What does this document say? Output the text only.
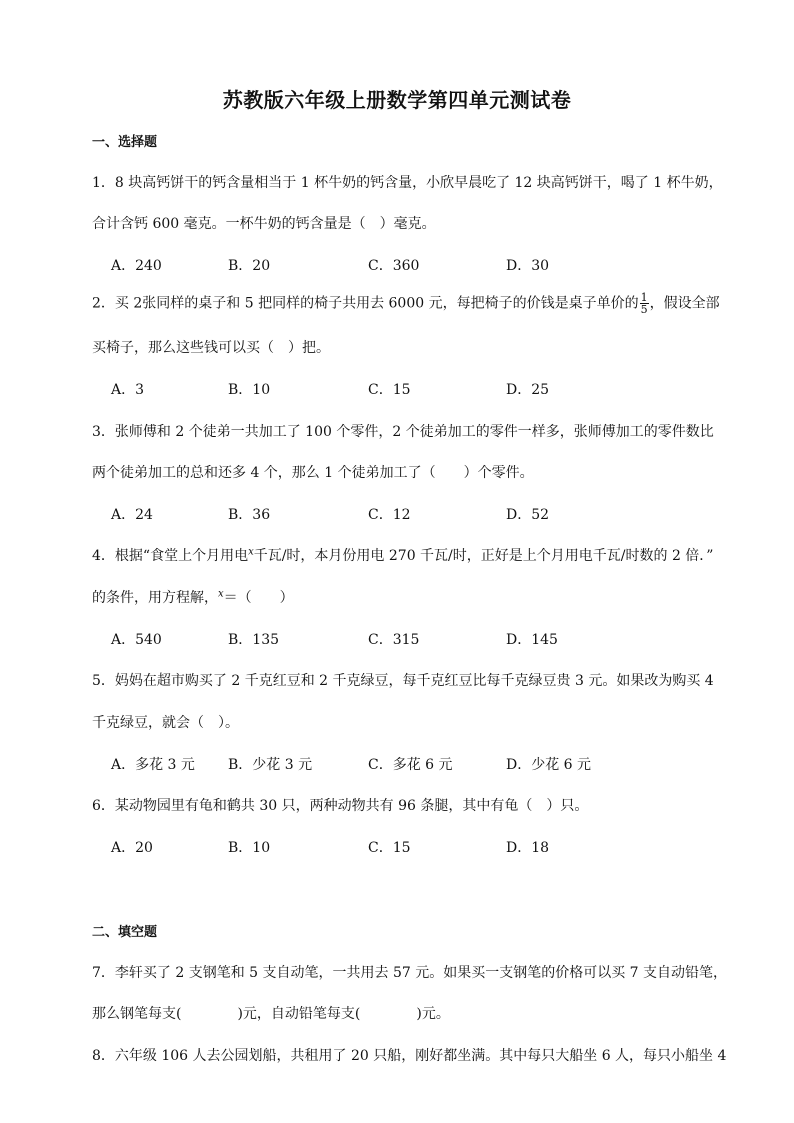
苏教版六年级上册数学第四单元测试卷
一、选择题
1．8 块高钙饼干的钙含量相当于 1 杯牛奶的钙含量，小欣早晨吃了 12 块高钙饼干，喝了 1 杯牛奶，
合计含钙 600 毫克。一杯牛奶的钙含量是（　）毫克。
A．240	B．20	C．360	D．30
2．买 2张同样的桌子和 5 把同样的椅子共用去 6000 元，每把椅子的价钱是桌子单价的 $\frac{1}{5}$ ，假设全部
买椅子，那么这些钱可以买（　）把。
A．3	B．10	C．15	D．25
3．张师傅和 2 个徒弟一共加工了 100 个零件，2 个徒弟加工的零件一样多，张师傅加工的零件数比
两个徒弟加工的总和还多 4 个，那么 1 个徒弟加工了（　　）个零件。
A．24	B．36	C．12	D．52
4．根据“食堂上个月用电$^x$千瓦/时，本月份用电 270 千瓦/时，正好是上个月用电千瓦/时数的 2 倍．”
的条件，用方程解，$^x$＝（　　）
A．540	B．135	C．315	D．145
5．妈妈在超市购买了 2 千克红豆和 2 千克绿豆，每千克红豆比每千克绿豆贵 3 元。如果改为购买 4
千克绿豆，就会（　）。
A．多花 3 元 B．少花 3 元	C．多花 6 元	D．少花 6 元
6．某动物园里有龟和鹤共 30 只，两种动物共有 96 条腿，其中有龟（　）只。
A．20	B．10	C．15	D．18
二、填空题
7．李轩买了 2 支钢笔和 5 支自动笔，一共用去 57 元。如果买一支钢笔的价格可以买 7 支自动铅笔，
那么钢笔每支(　　　　)元，自动铅笔每支(　　　　)元。
8．六年级 106 人去公园划船，共租用了 20 只船，刚好都坐满。其中每只大船坐 6 人，每只小船坐 4
